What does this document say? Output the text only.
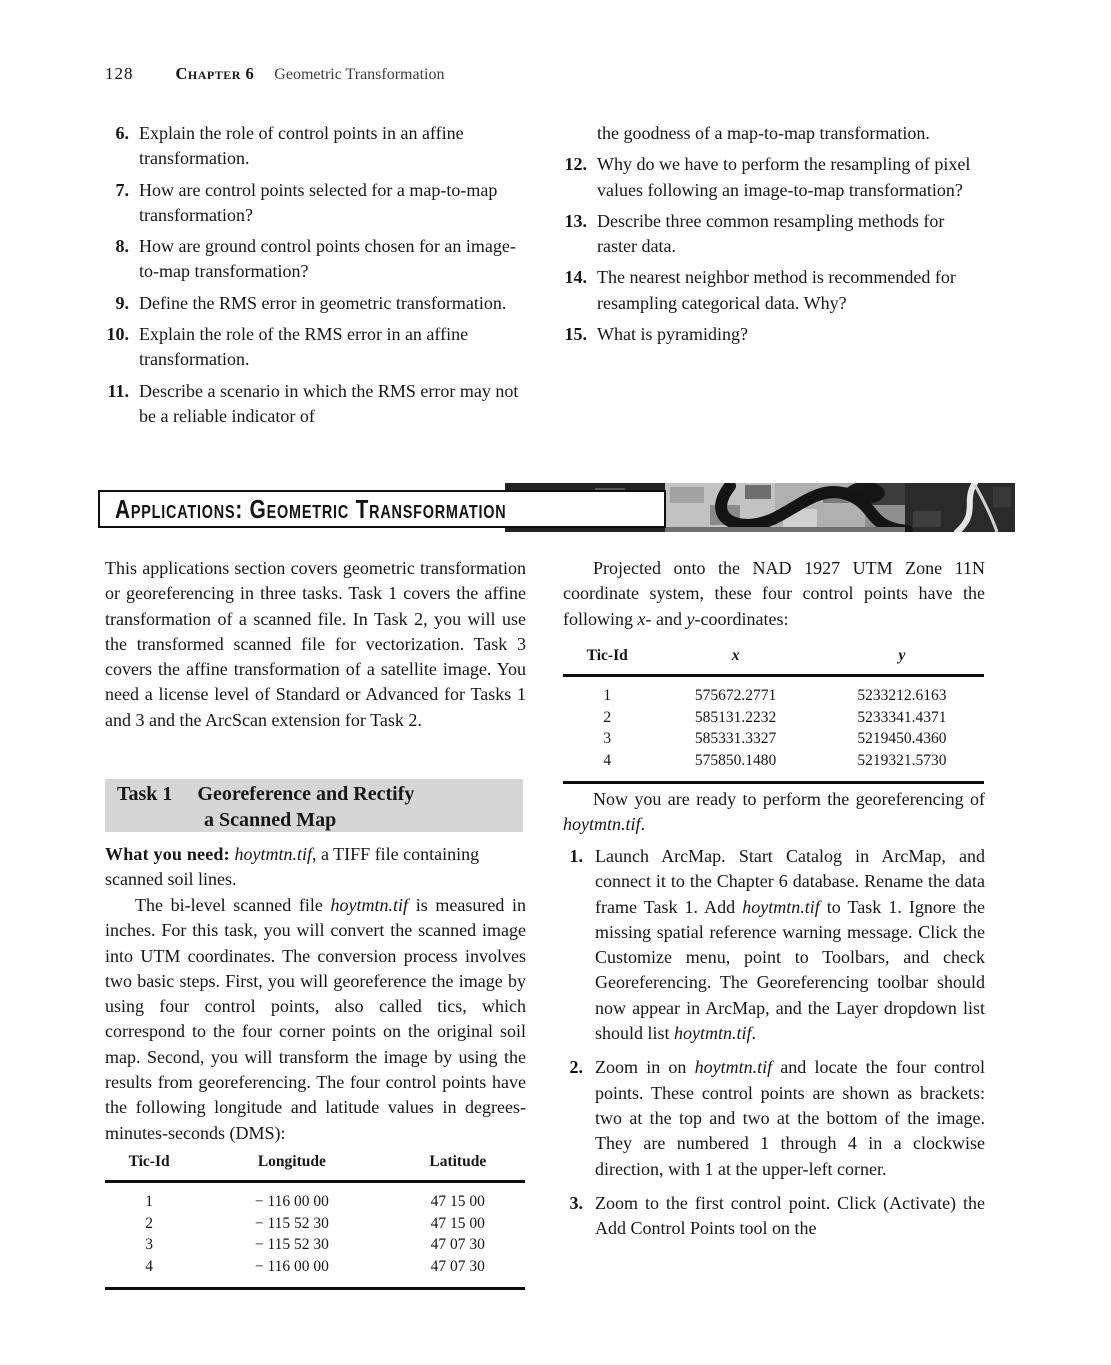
128	Chapter 6 Geometric Transformation
6. Explain the role of control points in an affine transformation.
7. How are control points selected for a map-to-map transformation?
8. How are ground control points chosen for an image-to-map transformation?
9. Define the RMS error in geometric transformation.
10. Explain the role of the RMS error in an affine transformation.
11. Describe a scenario in which the RMS error may not be a reliable indicator of
the goodness of a map-to-map transformation.
12. Why do we have to perform the resampling of pixel values following an image-to-map transformation?
13. Describe three common resampling methods for raster data.
14. The nearest neighbor method is recommended for resampling categorical data. Why?
15. What is pyramiding?
Applications: Geometric Transformation

This applications section covers geometric transformation or georeferencing in three tasks. Task 1 covers the affine transformation of a scanned file. In Task 2, you will use the transformed scanned file for vectorization. Task 3 covers the affine transformation of a satellite image. You need a license level of Standard or Advanced for Tasks 1 and 3 and the ArcScan extension for Task 2.

Task 1 Georeference and Rectify
a Scanned Map

What you need: hoytmtn.tif, a TIFF file containing scanned soil lines.

The bi-level scanned file hoytmtn.tif is measured in inches. For this task, you will convert the scanned image into UTM coordinates. The conversion process involves two basic steps. First, you will georeference the image by using four control points, also called tics, which correspond to the four corner points on the original soil map. Second, you will transform the image by using the results from georeferencing. The four control points have the following longitude and latitude values in degrees-minutes-seconds (DMS):

Tic-Id	Longitude	Latitude
1	− 116 00 00	47 15 00
2	− 115 52 30	47 15 00
3	− 115 52 30	47 07 30
4	− 116 00 00	47 07 30

Projected onto the NAD 1927 UTM Zone 11N coordinate system, these four control points have the following x- and y-coordinates:

Tic-Id	x	y
1	575672.2771	5233212.6163
2	585131.2232	5233341.4371
3	585331.3327	5219450.4360
4	575850.1480	5219321.5730

Now you are ready to perform the georeferencing of hoytmtn.tif.

1. Launch ArcMap. Start Catalog in ArcMap, and connect it to the Chapter 6 database. Rename the data frame Task 1. Add hoytmtn.tif to Task 1. Ignore the missing spatial reference warning message. Click the Customize menu, point to Toolbars, and check Georeferencing. The Georeferencing toolbar should now appear in ArcMap, and the Layer dropdown list should list hoytmtn.tif.
2. Zoom in on hoytmtn.tif and locate the four control points. These control points are shown as brackets: two at the top and two at the bottom of the image. They are numbered 1 through 4 in a clockwise direction, with 1 at the upper-left corner.
3. Zoom to the first control point. Click (Activate) the Add Control Points tool on the
